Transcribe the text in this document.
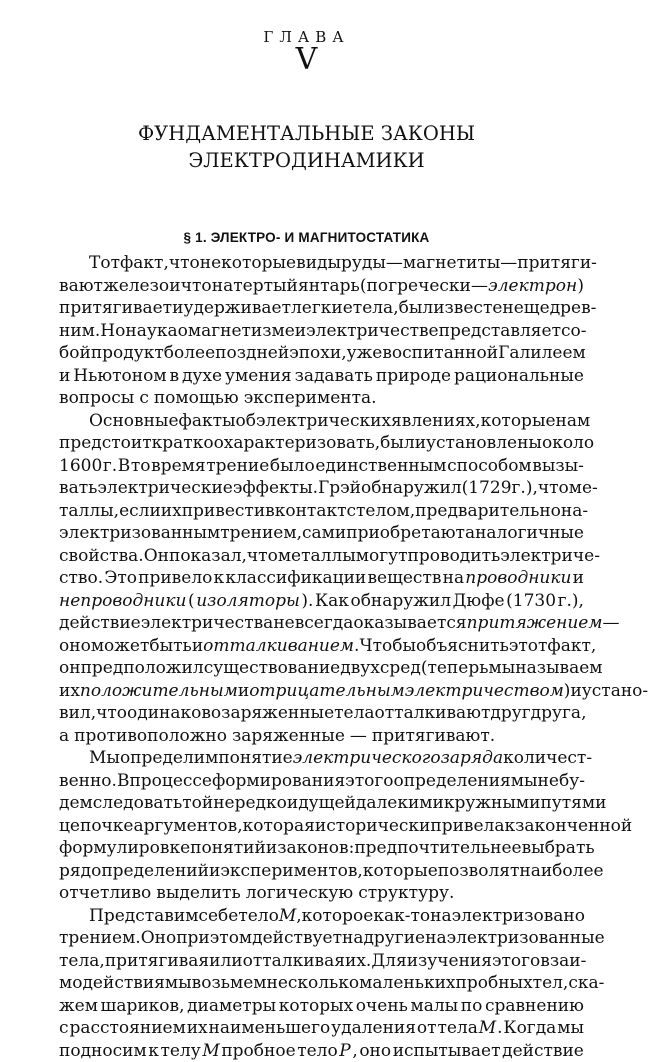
ГЛАВА
V
ФУНДАМЕНТАЛЬНЫЕ ЗАКОНЫ
ЭЛЕКТРОДИНАМИКИ
§ 1. ЭЛЕКТРО- И МАГНИТОСТАТИКА
Тот факт, что некоторые виды руды — магнетиты — притяги-
вают железо и что натертый янтарь (по гречески — электрон )
притягивает и удерживает легкие тела, был известен еще древ-
ним. Но наука о магнетизме и электричестве представляет со-
бой продукт более поздней эпохи, уже воспитанной Галилеем
и Ньютоном в духе умения задавать природе рациональные
вопросы с помощью эксперимента.
Основные факты об электрических явлениях, которые нам
предстоит кратко охарактеризовать, были установлены около
1600 г. В то время трение было единственным способом вызы-
вать электрические эффекты. Грэй обнаружил (1729 г.), что ме-
таллы, если их привести в контакт с телом, предварительно на-
электризованным трением, сами приобретают аналогичные
свойства. Он показал, что металлы могут проводить электриче-
ство. Это привело к классификации веществ на проводники и
непроводники ( изоляторы ). Как обнаружил Дюфе (1730 г.),
действие электричества не всегда оказывается притяжением —
оно может быть и отталкиванием . Чтобы объяснить этот факт,
он предположил существование двух сред (теперь мы называем
их положительным и отрицательным электричеством ) и устано-
вил, что одинаково заряженные тела отталкивают друг друга,
а противоположно заряженные — притягивают.
Мы определим понятие электрического заряда количест-
венно. В процессе формирования этого определения мы не бу-
дем следовать той нередко идущей далекими кружными путями
цепочке аргументов, которая исторически привела к законченной
формулировке понятий и законов: предпочтительнее выбрать
ряд определений и экспериментов, которые позволят наиболее
отчетливо выделить логическую структуру.
Представим себе тело M , которое как-то наэлектризовано
трением. Оно при этом действует на другие наэлектризованные
тела, притягивая или отталкивая их. Для изучения этого взаи-
модействия мы возьмем несколько маленьких пробных тел, ска-
жем шариков, диаметры которых очень малы по сравнению
с расстоянием их наименьшего удаления от тела M . Когда мы
подносим к телу M пробное тело P , оно испытывает действие
